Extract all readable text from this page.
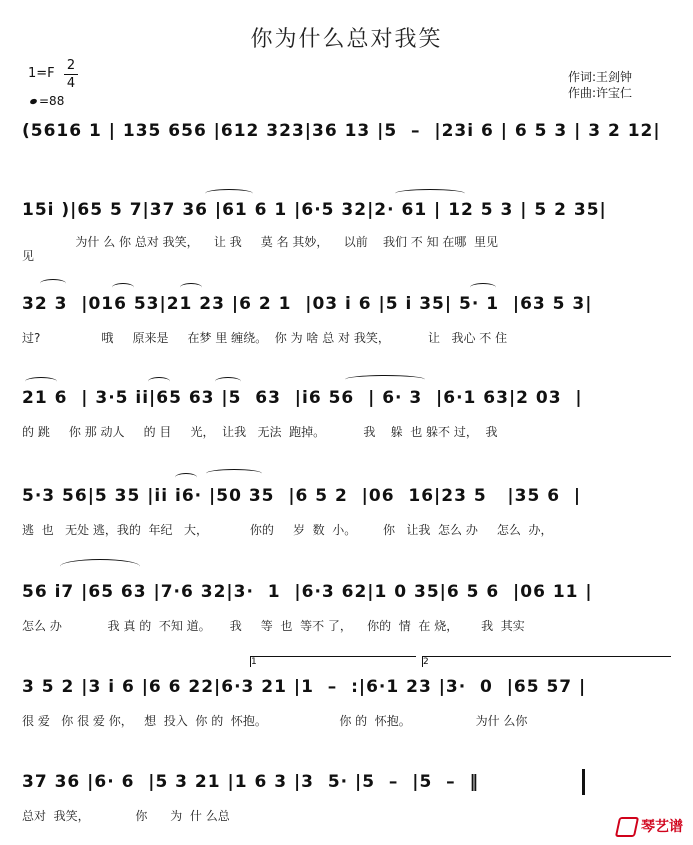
你为什么总对我笑
1=F
2
4
=88
作词:王剑钟
作曲:许宝仁
(5616 1 | 135 656 |612 323|36 13 |5  –  |23i 6 | 6 5 3 | 3 2 12|
15i )|65 5 7|37 36 |61 6 1 |6·5 32|2· 61 | 12 5 3 | 5 2 35|
为什 么 你 总对 我笑，    让 我     莫 名 其妙，    以前    我们 不 知 在哪  里见
见
32 3  |016 53|21 23 |6 2 1  |03 i 6 |5 i 35| 5· 1  |63 5 3|
过?                哦     原来是     在梦 里 缠绕。  你 为 啥 总 对 我笑，          让   我心 不 住
21 6  | 3·5 ii|65 63 |5  63  |i6 56  | 6· 3  |6·1 63|2 03  |
的 跳     你 那 动人     的 目     光，  让我   无法  跑掉。          我    躲  也 躲不 过，  我
5·3 56|5 35 |ii i6· |50 35  |6 5 2  |06  16|23 5   |35 6  |
逃  也   无处 逃，我的  年纪   大，           你的     岁  数  小。       你   让我  怎么 办     怎么  办，
56 i7 |65 63 |7·6 32|3·  1  |6·3 62|1 0 35|6 5 6  |06 11 |
怎么 办            我 真 的  不知 道。     我     等  也  等不 了，    你的  情  在 烧，      我  其实
3 5 2 |3 i 6 |6 6 22|6·3 21 |1  –  :|6·1 23 |3·  0  |65 57 |
很 爱   你 很 爱 你，   想  投入  你 的  怀抱。                   你 的  怀抱。                 为什 么你
1	2
37 36 |6· 6  |5 3 21 |1 6 3 |3  5· |5  –  |5  –  ‖
总对  我笑，            你      为  什 么总
琴艺谱
